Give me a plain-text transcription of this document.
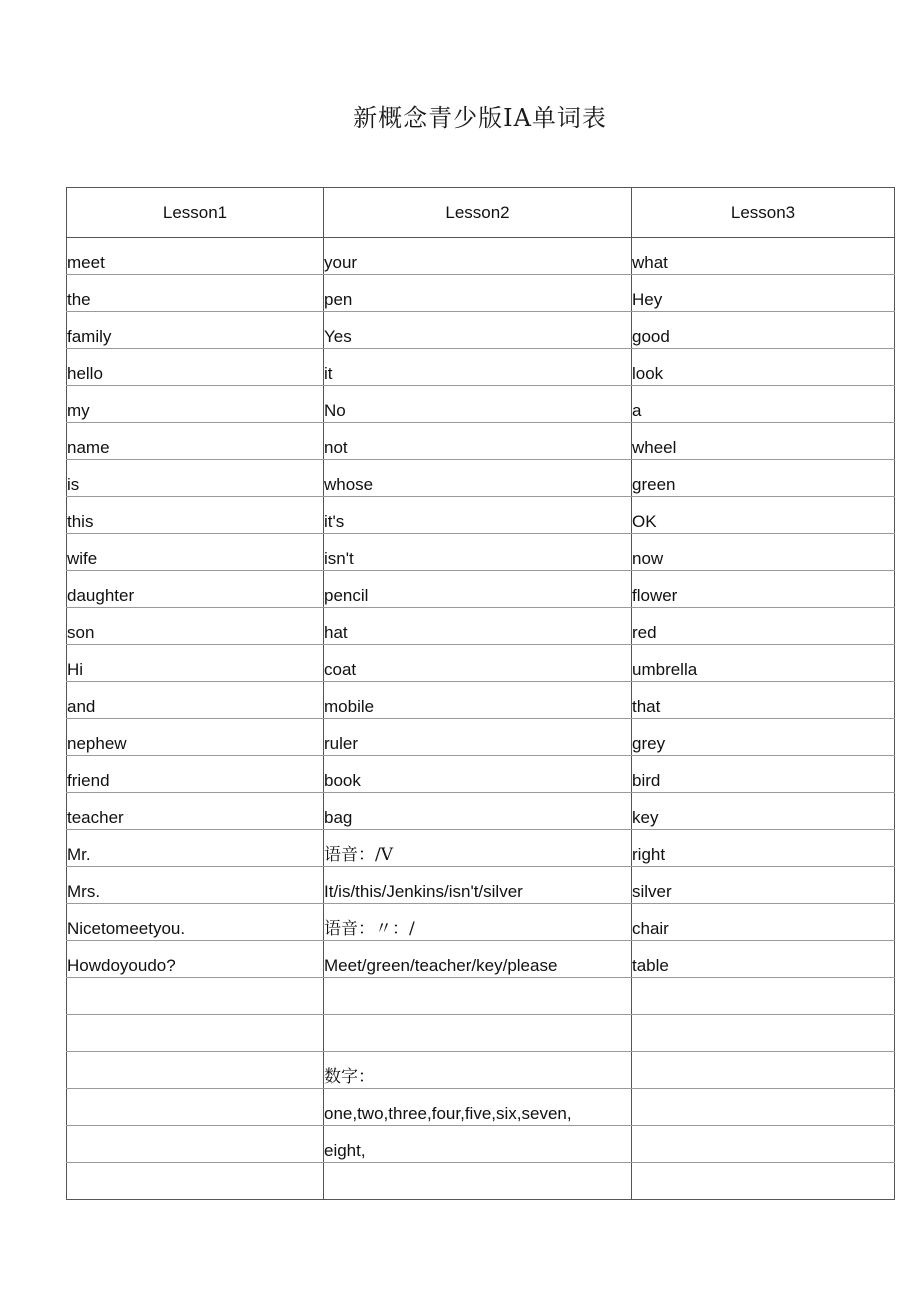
新概念青少版IA单词表
Lesson1	Lesson2	Lesson3
meet	your	what
the	pen	Hey
family	Yes	good
hello	it	look
my	No	a
name	not	wheel
is	whose	green
this	it's	OK
wife	isn't	now
daughter	pencil	flower
son	hat	red
Hi	coat	umbrella
and	mobile	that
nephew	ruler	grey
friend	book	bird
teacher	bag	key
Mr.	语音：/V	right
Mrs.	It/is/this/Jenkins/isn't/silver	silver
Nicetomeetyou.	语音：〃：/	chair
Howdoyoudo?	Meet/green/teacher/key/please	table

	数字：	
	one,two,three,four,five,six,seven,	
	eight,	
